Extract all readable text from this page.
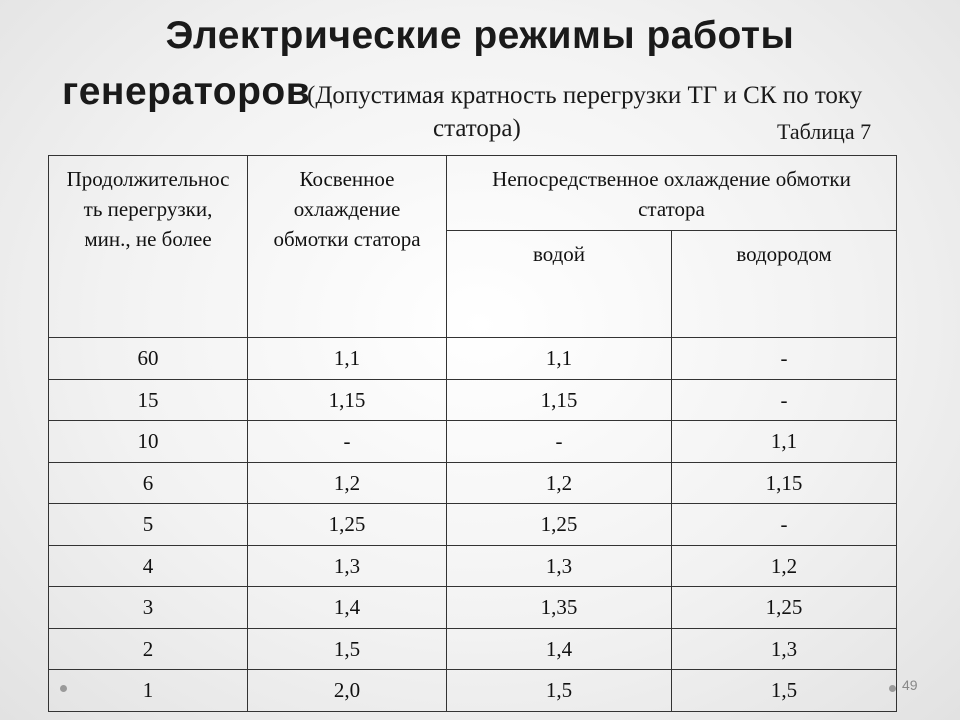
Электрические режимы работы
генераторов
(Допустимая кратность перегрузки ТГ и СК по току
статора)	Таблица 7
Продолжительнос ть перегрузки, мин., не более	Косвенное охлаждение обмотки статора	Непосредственное охлаждение обмотки статора	

		водой	водородом
60	1,1	1,1	-
15	1,15	1,15	-
10	-	-	1,1
6	1,2	1,2	1,15
5	1,25	1,25	-
4	1,3	1,3	1,2
3	1,4	1,35	1,25
2	1,5	1,4	1,3
1	2,0	1,5	1,5	49
